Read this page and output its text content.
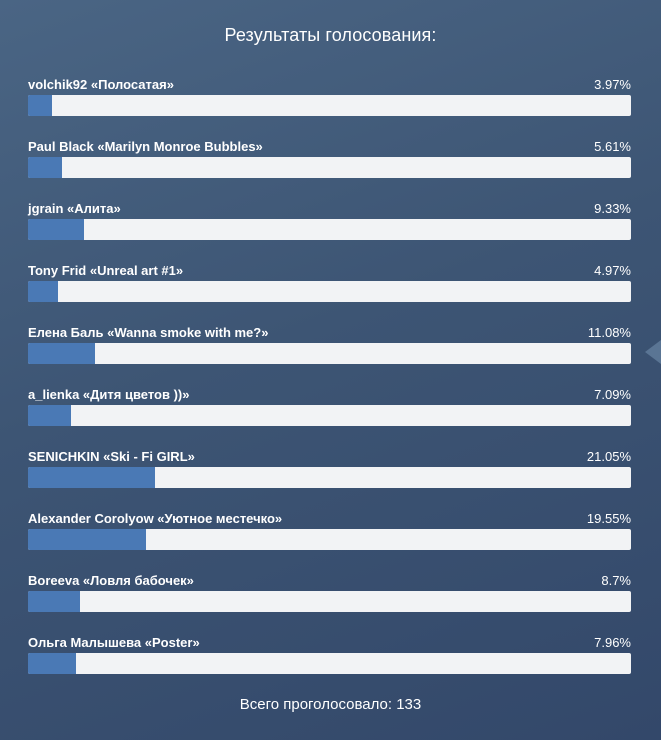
Результаты голосования:
volchik92 «Полосатая»	3.97%
Paul Black «Marilyn Monroe Bubbles»	5.61%
jgrain «Алита»	9.33%
Tony Frid «Unreal art #1»	4.97%
Елена Баль «Wanna smoke with me?»	11.08%
a_lienka «Дитя цветов ))»	7.09%
SENICHKIN «Ski - Fi GIRL»	21.05%
Alexander Corolyow «Уютное местечко»	19.55%
Boreeva «Ловля бабочек»	8.7%
Ольга Малышева «Poster»	7.96%
Всего проголосовало: 133
